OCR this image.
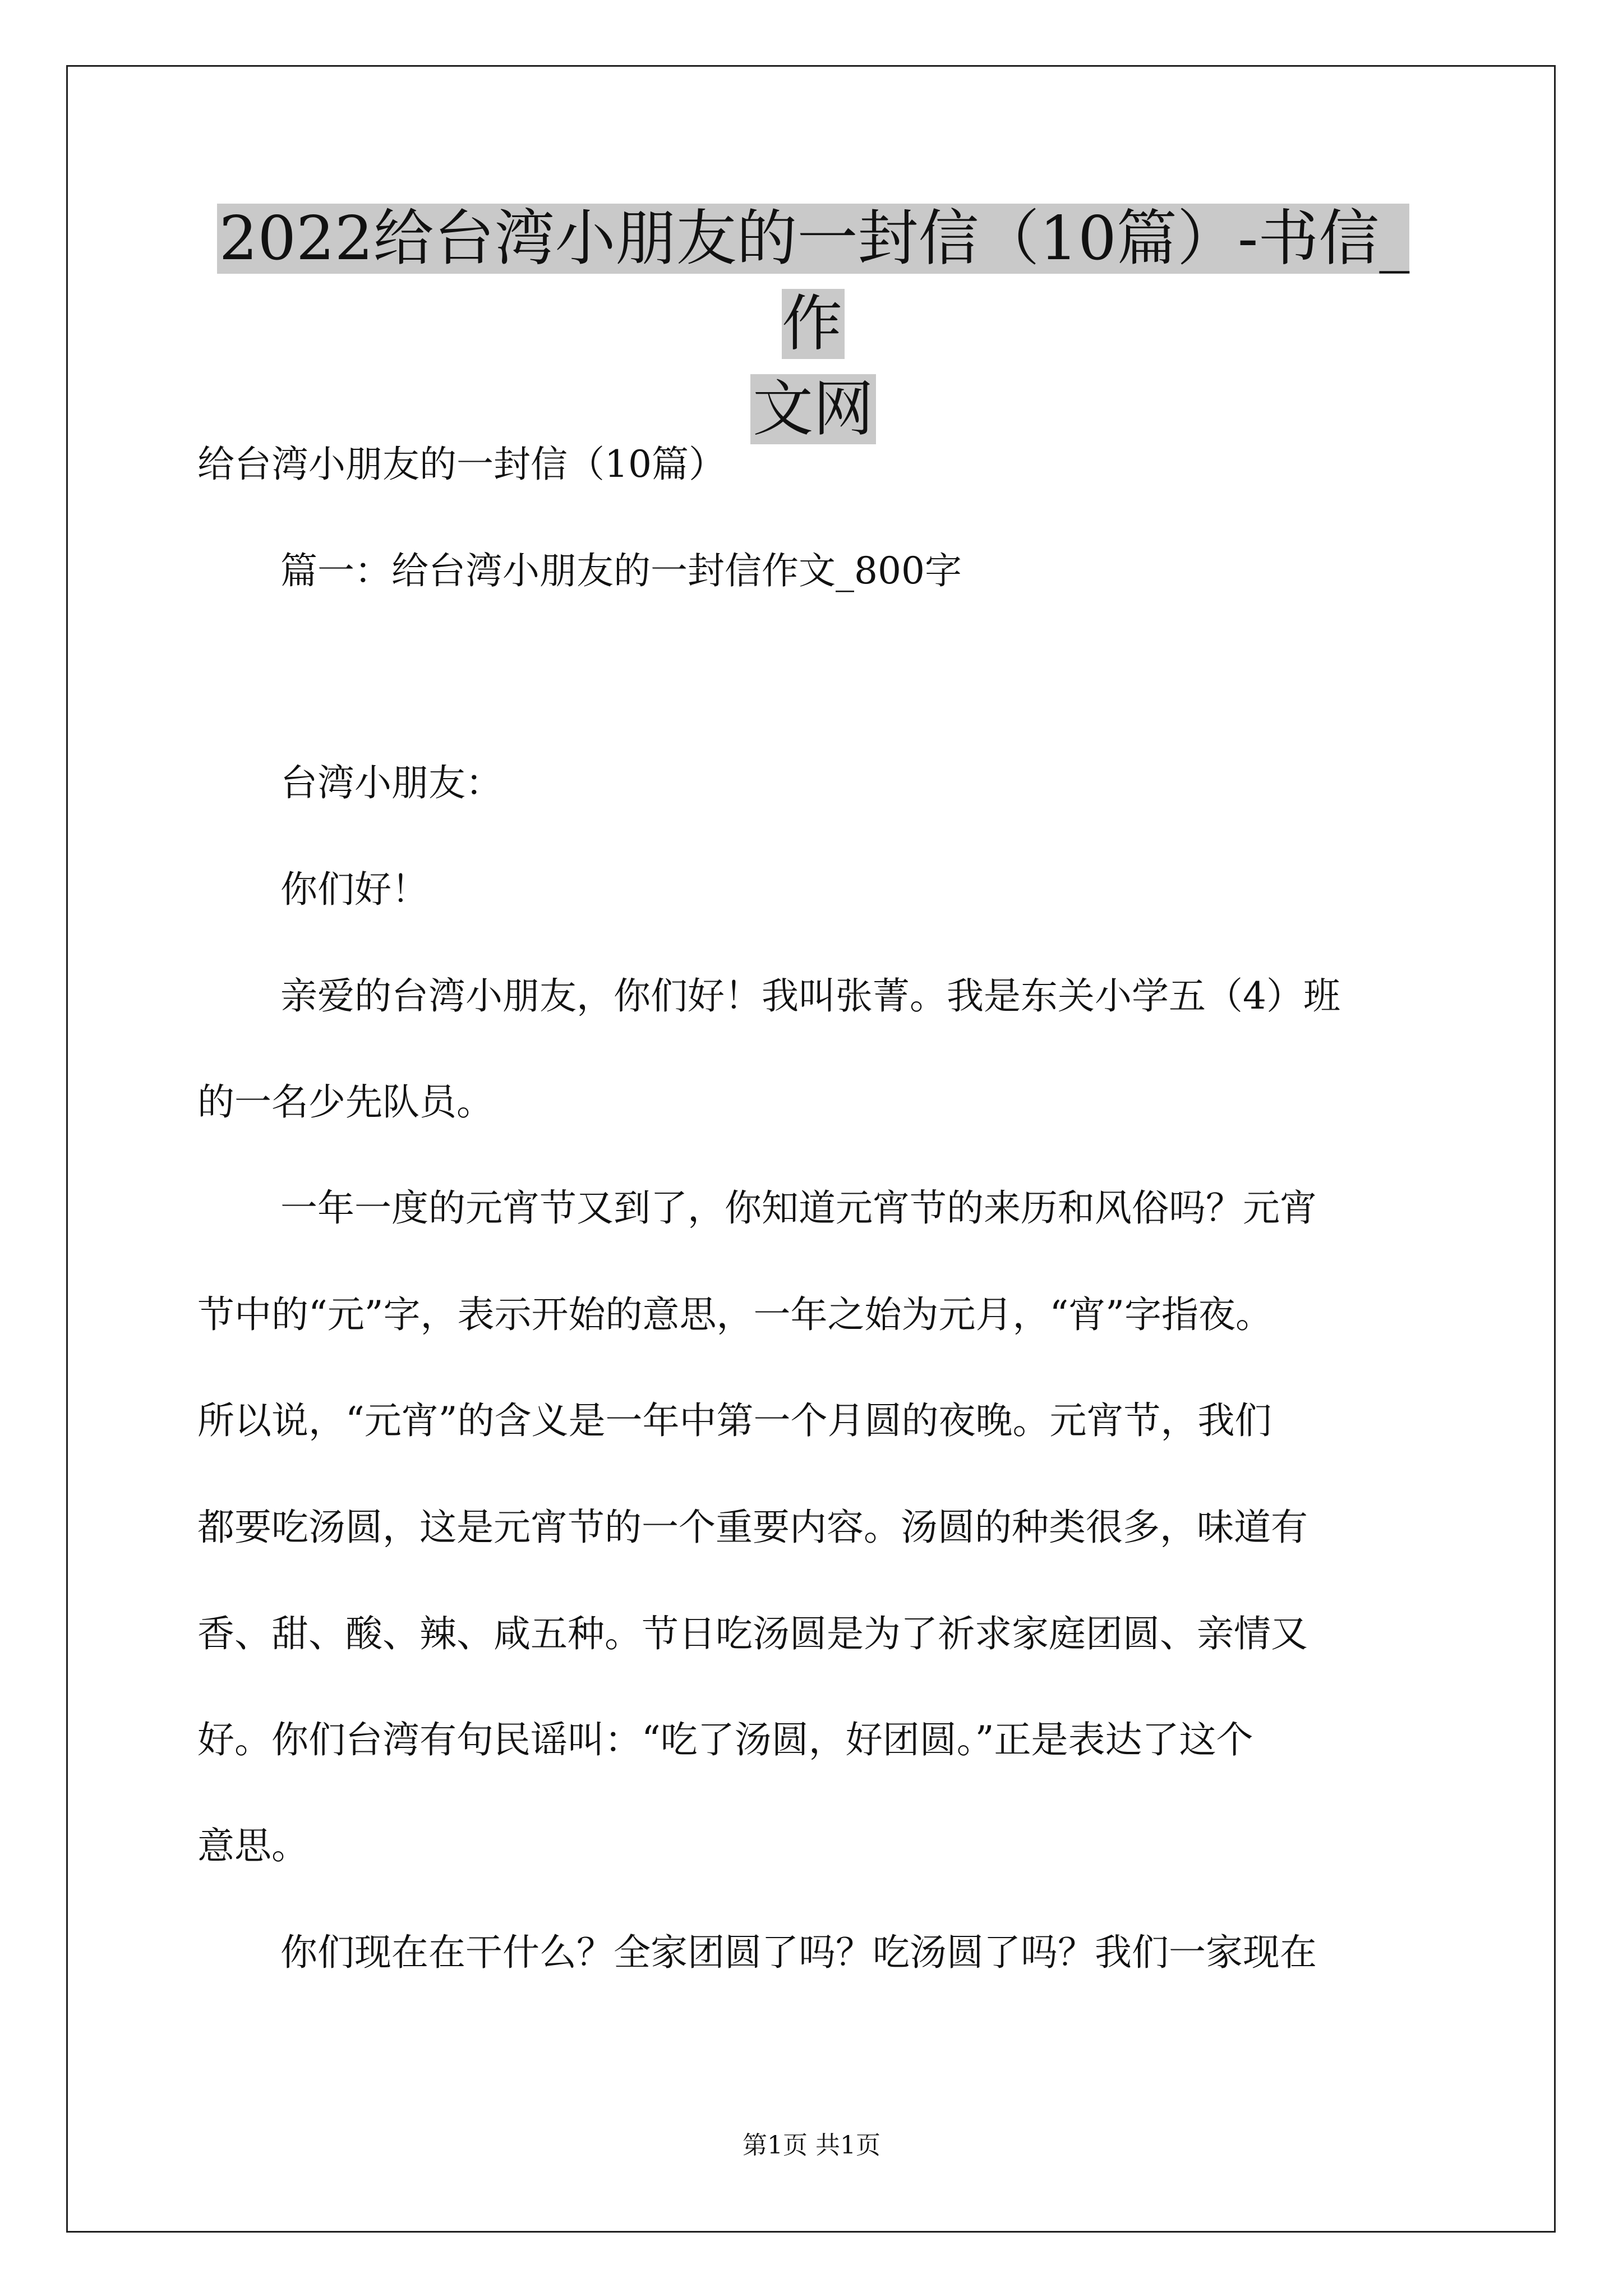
2022给台湾小朋友的一封信（10篇）-书信_作
文网

给台湾小朋友的一封信（10篇）

篇一：给台湾小朋友的一封信作文_800字

台湾小朋友：

你们好！

亲爱的台湾小朋友，你们好！我叫张菁。我是东关小学五（4）班

的一名少先队员。

一年一度的元宵节又到了，你知道元宵节的来历和风俗吗？元宵

节中的“元”字，表示开始的意思，一年之始为元月，“宵”字指夜。

所以说，“元宵”的含义是一年中第一个月圆的夜晚。元宵节，我们

都要吃汤圆，这是元宵节的一个重要内容。汤圆的种类很多，味道有

香、甜、酸、辣、咸五种。节日吃汤圆是为了祈求家庭团圆、亲情又

好。你们台湾有句民谣叫：“吃了汤圆，好团圆。”正是表达了这个

意思。

你们现在在干什么？全家团圆了吗？吃汤圆了吗？我们一家现在

第1页 共1页
